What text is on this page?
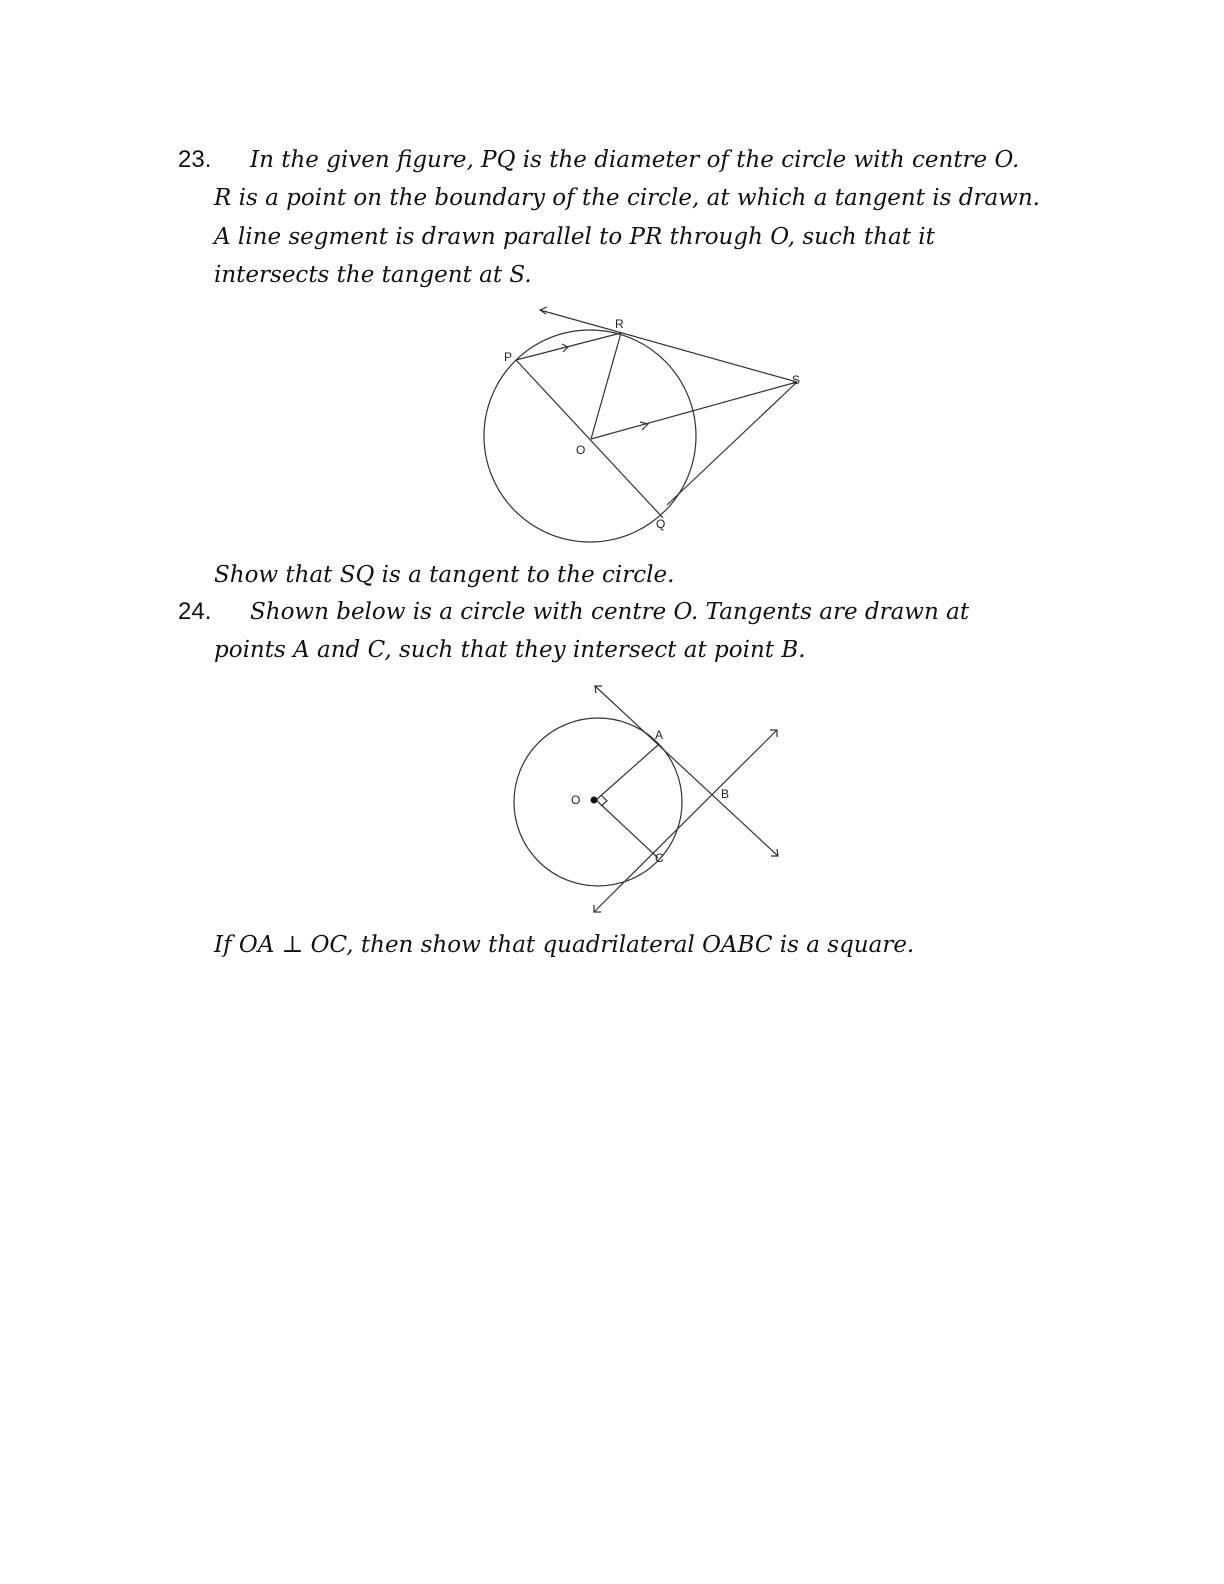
23. In the given figure, PQ is the diameter of the circle with centre O.
R is a point on the boundary of the circle, at which a tangent is drawn.
A line segment is drawn parallel to PR through O, such that it
intersects the tangent at S.
P
R
S
O
Q
Show that SQ is a tangent to the circle.
24. Shown below is a circle with centre O. Tangents are drawn at
points A and C, such that they intersect at point B.
O
A
B
C
If OA ⊥ OC, then show that quadrilateral OABC is a square.
